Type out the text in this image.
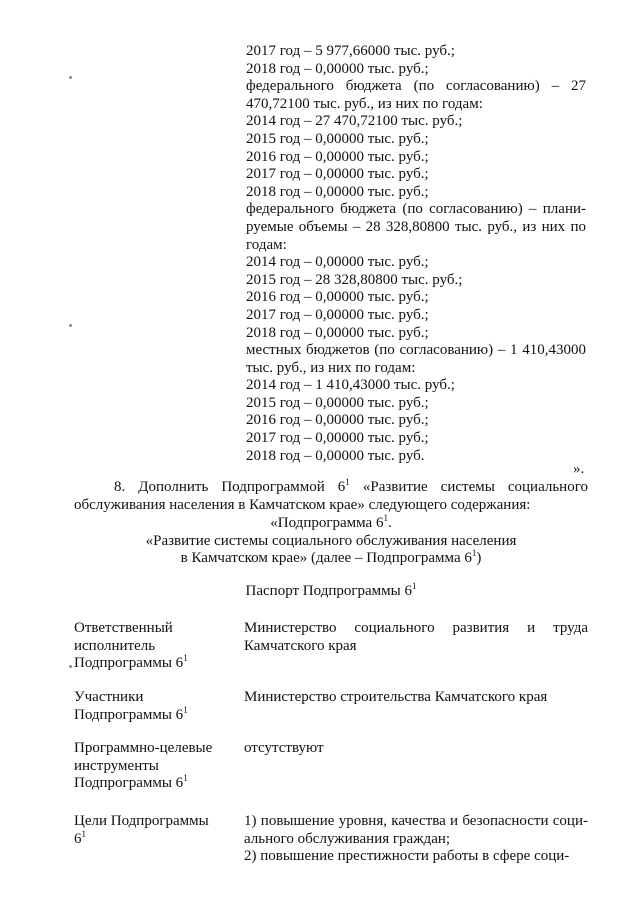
2017 год – 5 977,66000 тыс. руб.;
2018 год – 0,00000 тыс. руб.;
федерального бюджета (по согласованию) – 27 470,72100 тыс. руб., из них по годам:
2014 год – 27 470,72100 тыс. руб.;
2015 год – 0,00000 тыс. руб.;
2016 год – 0,00000 тыс. руб.;
2017 год – 0,00000 тыс. руб.;
2018 год – 0,00000 тыс. руб.;
федерального бюджета (по согласованию) – плани-руемые объемы – 28 328,80800 тыс. руб., из них по годам:
2014 год – 0,00000 тыс. руб.;
2015 год – 28 328,80800 тыс. руб.;
2016 год – 0,00000 тыс. руб.;
2017 год – 0,00000 тыс. руб.;
2018 год – 0,00000 тыс. руб.;
местных бюджетов (по согласованию) – 1 410,43000 тыс. руб., из них по годам:
2014 год – 1 410,43000 тыс. руб.;
2015 год – 0,00000 тыс. руб.;
2016 год – 0,00000 тыс. руб.;
2017 год – 0,00000 тыс. руб.;
2018 год – 0,00000 тыс. руб.
».
8. Дополнить Подпрограммой $6^1$ «Развитие системы социального обслуживания населения в Камчатском крае» следующего содержания:
«Подпрограмма $6^1$.
«Развитие системы социального обслуживания населения
в Камчатском крае» (далее – Подпрограмма $6^1$)
Паспорт Подпрограммы $6^1$
Ответственный исполнитель Подпрограммы $6^1$
Министерство социального развития и труда Камчатского края
Участники Подпрограммы $6^1$
Министерство строительства Камчатского края
Программно-целевые инструменты Подпрограммы $6^1$
отсутствуют
Цели Подпрограммы $6^1$
1) повышение уровня, качества и безопасности соци-ального обслуживания граждан;
2) повышение престижности работы в сфере соци-
